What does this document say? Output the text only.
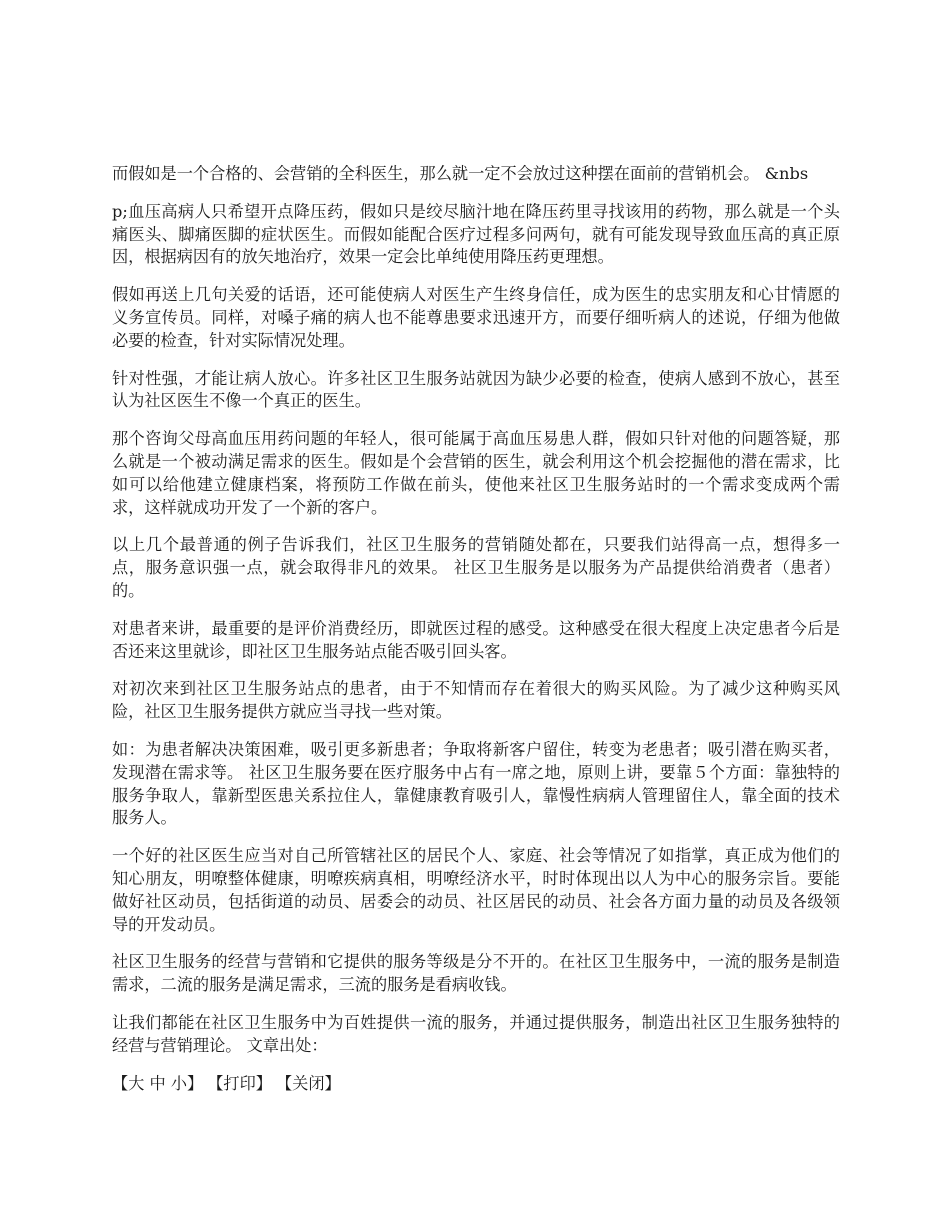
而假如是一个合格的、会营销的全科医生，那么就一定不会放过这种摆在面前的营销机会。 &nbs

p;血压高病人只希望开点降压药，假如只是绞尽脑汁地在降压药里寻找该用的药物，那么就是一个头痛医头、脚痛医脚的症状医生。而假如能配合医疗过程多问两句，就有可能发现导致血压高的真正原因，根据病因有的放矢地治疗，效果一定会比单纯使用降压药更理想。

假如再送上几句关爱的话语，还可能使病人对医生产生终身信任，成为医生的忠实朋友和心甘情愿的义务宣传员。同样，对嗓子痛的病人也不能尊患要求迅速开方，而要仔细听病人的述说，仔细为他做必要的检查，针对实际情况处理。

针对性强，才能让病人放心。许多社区卫生服务站就因为缺少必要的检查，使病人感到不放心，甚至认为社区医生不像一个真正的医生。

那个咨询父母高血压用药问题的年轻人，很可能属于高血压易患人群，假如只针对他的问题答疑，那么就是一个被动满足需求的医生。假如是个会营销的医生，就会利用这个机会挖掘他的潜在需求，比如可以给他建立健康档案，将预防工作做在前头，使他来社区卫生服务站时的一个需求变成两个需求，这样就成功开发了一个新的客户。

以上几个最普通的例子告诉我们，社区卫生服务的营销随处都在，只要我们站得高一点，想得多一点，服务意识强一点，就会取得非凡的效果。 社区卫生服务是以服务为产品提供给消费者（患者）的。

对患者来讲，最重要的是评价消费经历，即就医过程的感受。这种感受在很大程度上决定患者今后是否还来这里就诊，即社区卫生服务站点能否吸引回头客。

对初次来到社区卫生服务站点的患者，由于不知情而存在着很大的购买风险。为了减少这种购买风险，社区卫生服务提供方就应当寻找一些对策。

如：为患者解决决策困难，吸引更多新患者；争取将新客户留住，转变为老患者；吸引潜在购买者，发现潜在需求等。 社区卫生服务要在医疗服务中占有一席之地，原则上讲，要靠５个方面：靠独特的服务争取人，靠新型医患关系拉住人，靠健康教育吸引人，靠慢性病病人管理留住人，靠全面的技术服务人。

一个好的社区医生应当对自己所管辖社区的居民个人、家庭、社会等情况了如指掌，真正成为他们的知心朋友，明嘹整体健康，明嘹疾病真相，明嘹经济水平，时时体现出以人为中心的服务宗旨。要能做好社区动员，包括街道的动员、居委会的动员、社区居民的动员、社会各方面力量的动员及各级领导的开发动员。

社区卫生服务的经营与营销和它提供的服务等级是分不开的。在社区卫生服务中，一流的服务是制造需求，二流的服务是满足需求，三流的服务是看病收钱。

让我们都能在社区卫生服务中为百姓提供一流的服务，并通过提供服务，制造出社区卫生服务独特的经营与营销理论。 文章出处：

【大 中 小】 【打印】 【关闭】
